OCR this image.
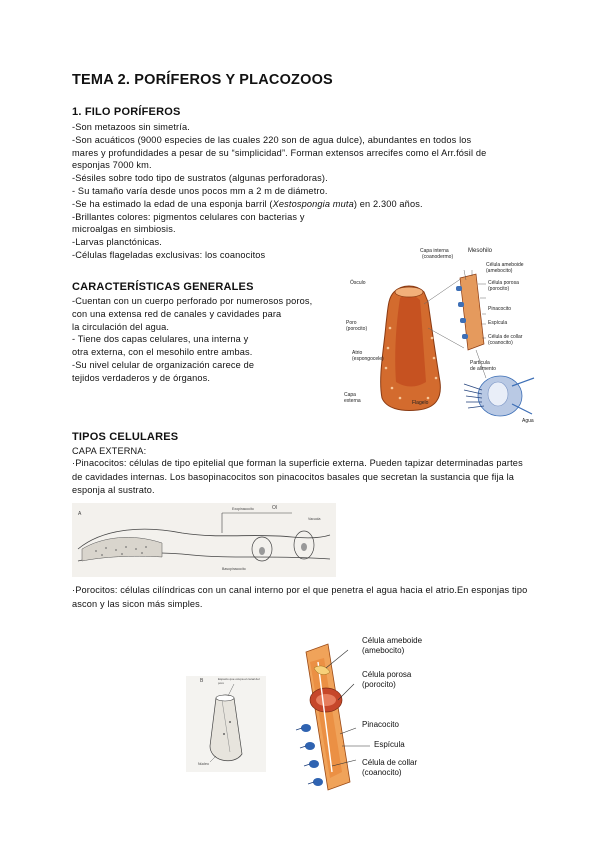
TEMA 2. PORÍFEROS Y PLACOZOOS
1. FILO PORÍFEROS
-Son metazoos sin simetría.
-Son acuáticos (9000 especies de las cuales 220 son de agua dulce), abundantes en todos los
mares y profundidades a pesar de su “simplicidad”. Forman extensos arrecifes como el Arr.fósil de
esponjas 7000 km.
-Sésiles sobre todo tipo de sustratos (algunas perforadoras).
- Su tamaño varía desde unos pocos mm a 2 m de diámetro.
-Se ha estimado la edad de una esponja barril (Xestospongia muta) en 2.300 años.
-Brillantes colores: pigmentos celulares con bacterias y
microalgas en simbiosis.
-Larvas planctónicas.
-Células flageladas exclusivas: los coanocitos
CARACTERÍSTICAS GENERALES
-Cuentan con un cuerpo perforado por numerosos poros,
con una extensa red de canales y cavidades para
la circulación del agua.
- Tiene dos capas celulares, una interna y
otra externa, con el mesohilo entre ambas.
-Su nivel celular de organización carece de
tejidos verdaderos y de órganos.
Capa interna
(coanodermo)
Mesohilo
Ósculo
Poro
(porocito)
Atrio
(espongocele)
Capa
externa
Célula ameboide
(amebocito)
Célula porosa
(porocito)
Pinacocito
Espícula
Célula de collar
(coanocito)
Partícula
de alimento
Flagelo
Agua
TIPOS CELULARES
CAPA EXTERNA:
·Pinacocitos: células de tipo epitelial que forman la superficie externa. Pueden tapizar determinadas partes de cavidades internas. Los basopinacocitos son pinacocitos basales que secretan la sustancia que fija la esponja al sustrato.
A
Exopinacocito	Ol
Vacuola
Basopinacocito
·Porocitos: células cilíndricas con un canal interno por el que penetra el agua hacia el atrio.En esponjas tipo ascon y las sicon más simples.
B	Espacio que ocupa el canal del poro
Núcleo
Célula ameboide
(amebocito)
Célula porosa
(porocito)
Pinacocito
Espícula
Célula de collar
(coanocito)
